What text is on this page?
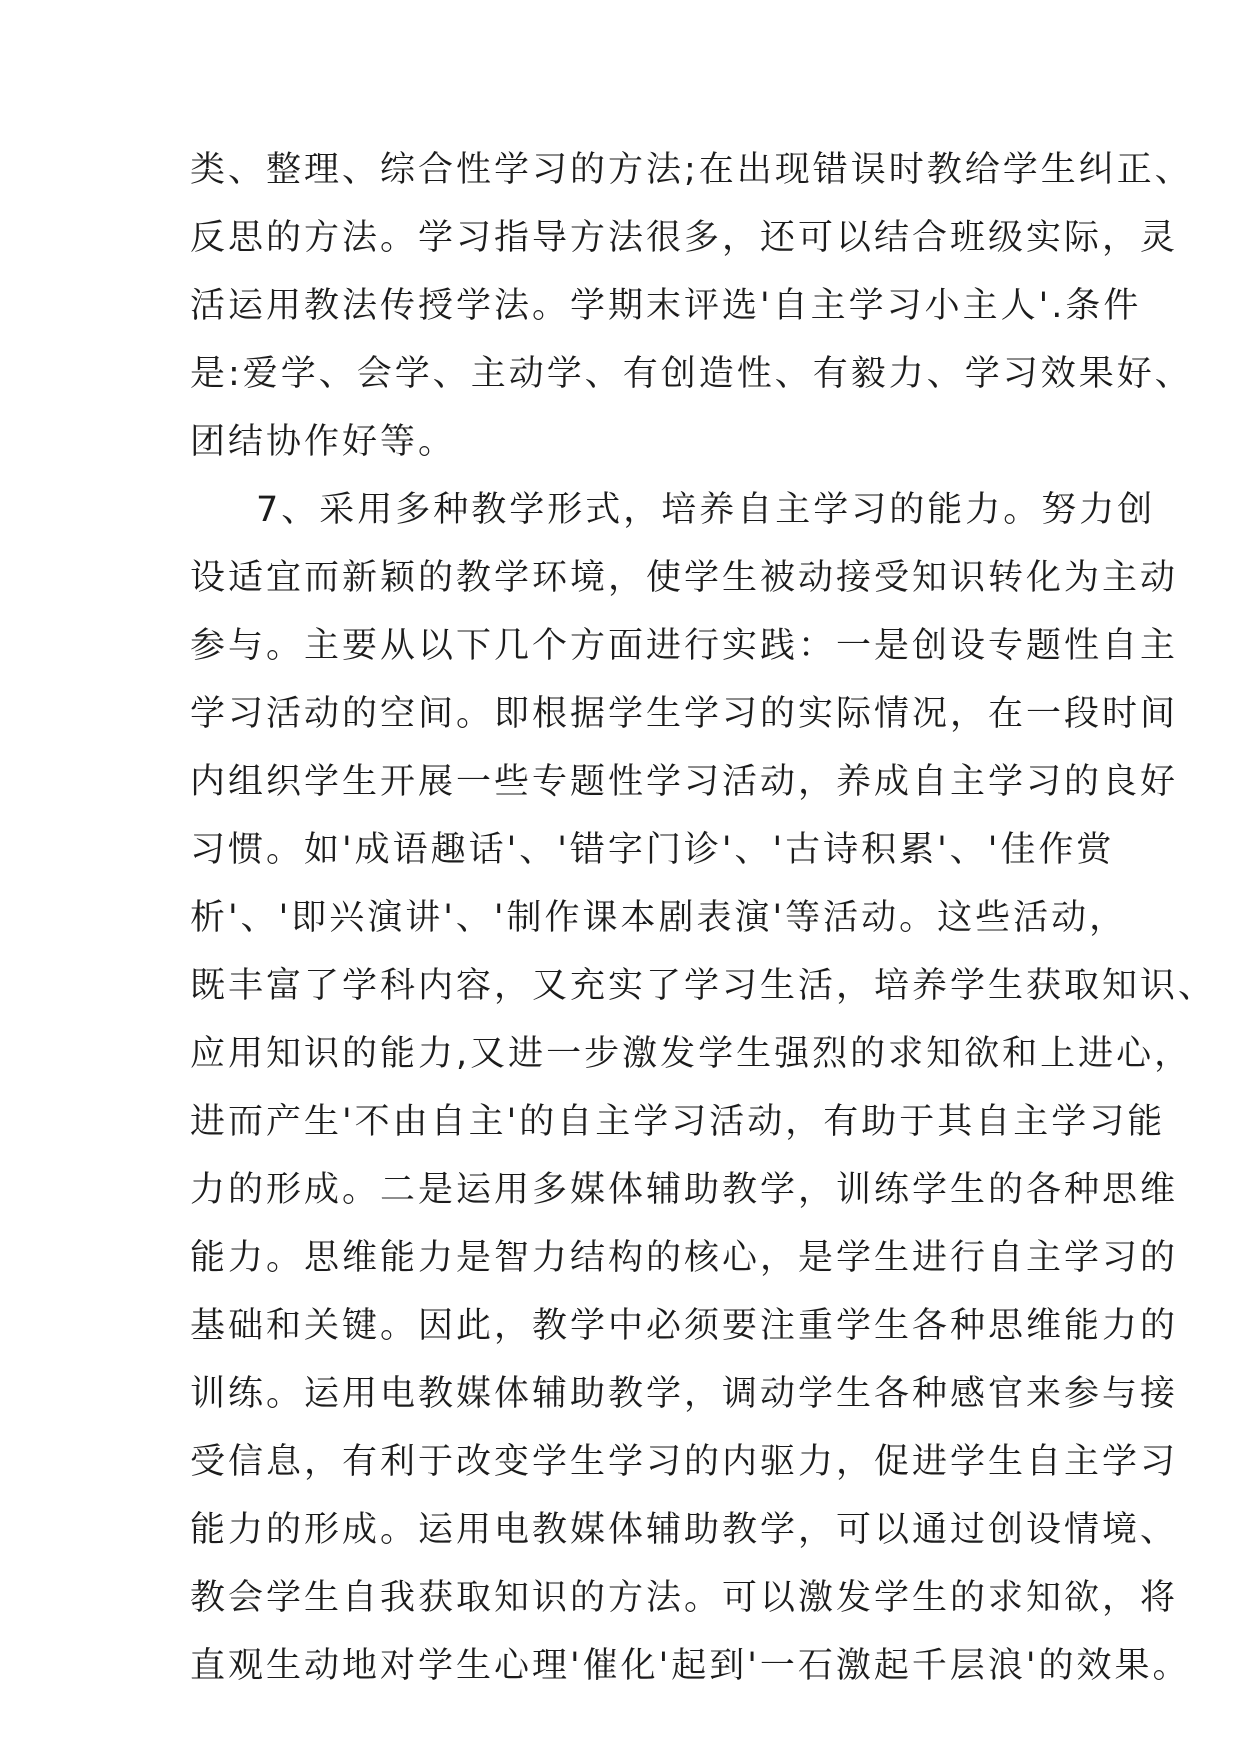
类、整理、综合性学习的方法;在出现错误时教给学生纠正、
反思的方法。学习指导方法很多，还可以结合班级实际，灵
活运用教法传授学法。学期末评选'自主学习小主人'.条件
是:爱学、会学、主动学、有创造性、有毅力、学习效果好、
团结协作好等。
7、采用多种教学形式，培养自主学习的能力。努力创
设适宜而新颖的教学环境，使学生被动接受知识转化为主动
参与。主要从以下几个方面进行实践：一是创设专题性自主
学习活动的空间。即根据学生学习的实际情况，在一段时间
内组织学生开展一些专题性学习活动，养成自主学习的良好
习惯。如'成语趣话'、'错字门诊'、'古诗积累'、'佳作赏
析'、'即兴演讲'、'制作课本剧表演'等活动。这些活动，
既丰富了学科内容，又充实了学习生活，培养学生获取知识、
应用知识的能力,又进一步激发学生强烈的求知欲和上进心，
进而产生'不由自主'的自主学习活动，有助于其自主学习能
力的形成。二是运用多媒体辅助教学，训练学生的各种思维
能力。思维能力是智力结构的核心，是学生进行自主学习的
基础和关键。因此，教学中必须要注重学生各种思维能力的
训练。运用电教媒体辅助教学，调动学生各种感官来参与接
受信息，有利于改变学生学习的内驱力，促进学生自主学习
能力的形成。运用电教媒体辅助教学，可以通过创设情境、
教会学生自我获取知识的方法。可以激发学生的求知欲，将
直观生动地对学生心理'催化'起到'一石激起千层浪'的效果。
